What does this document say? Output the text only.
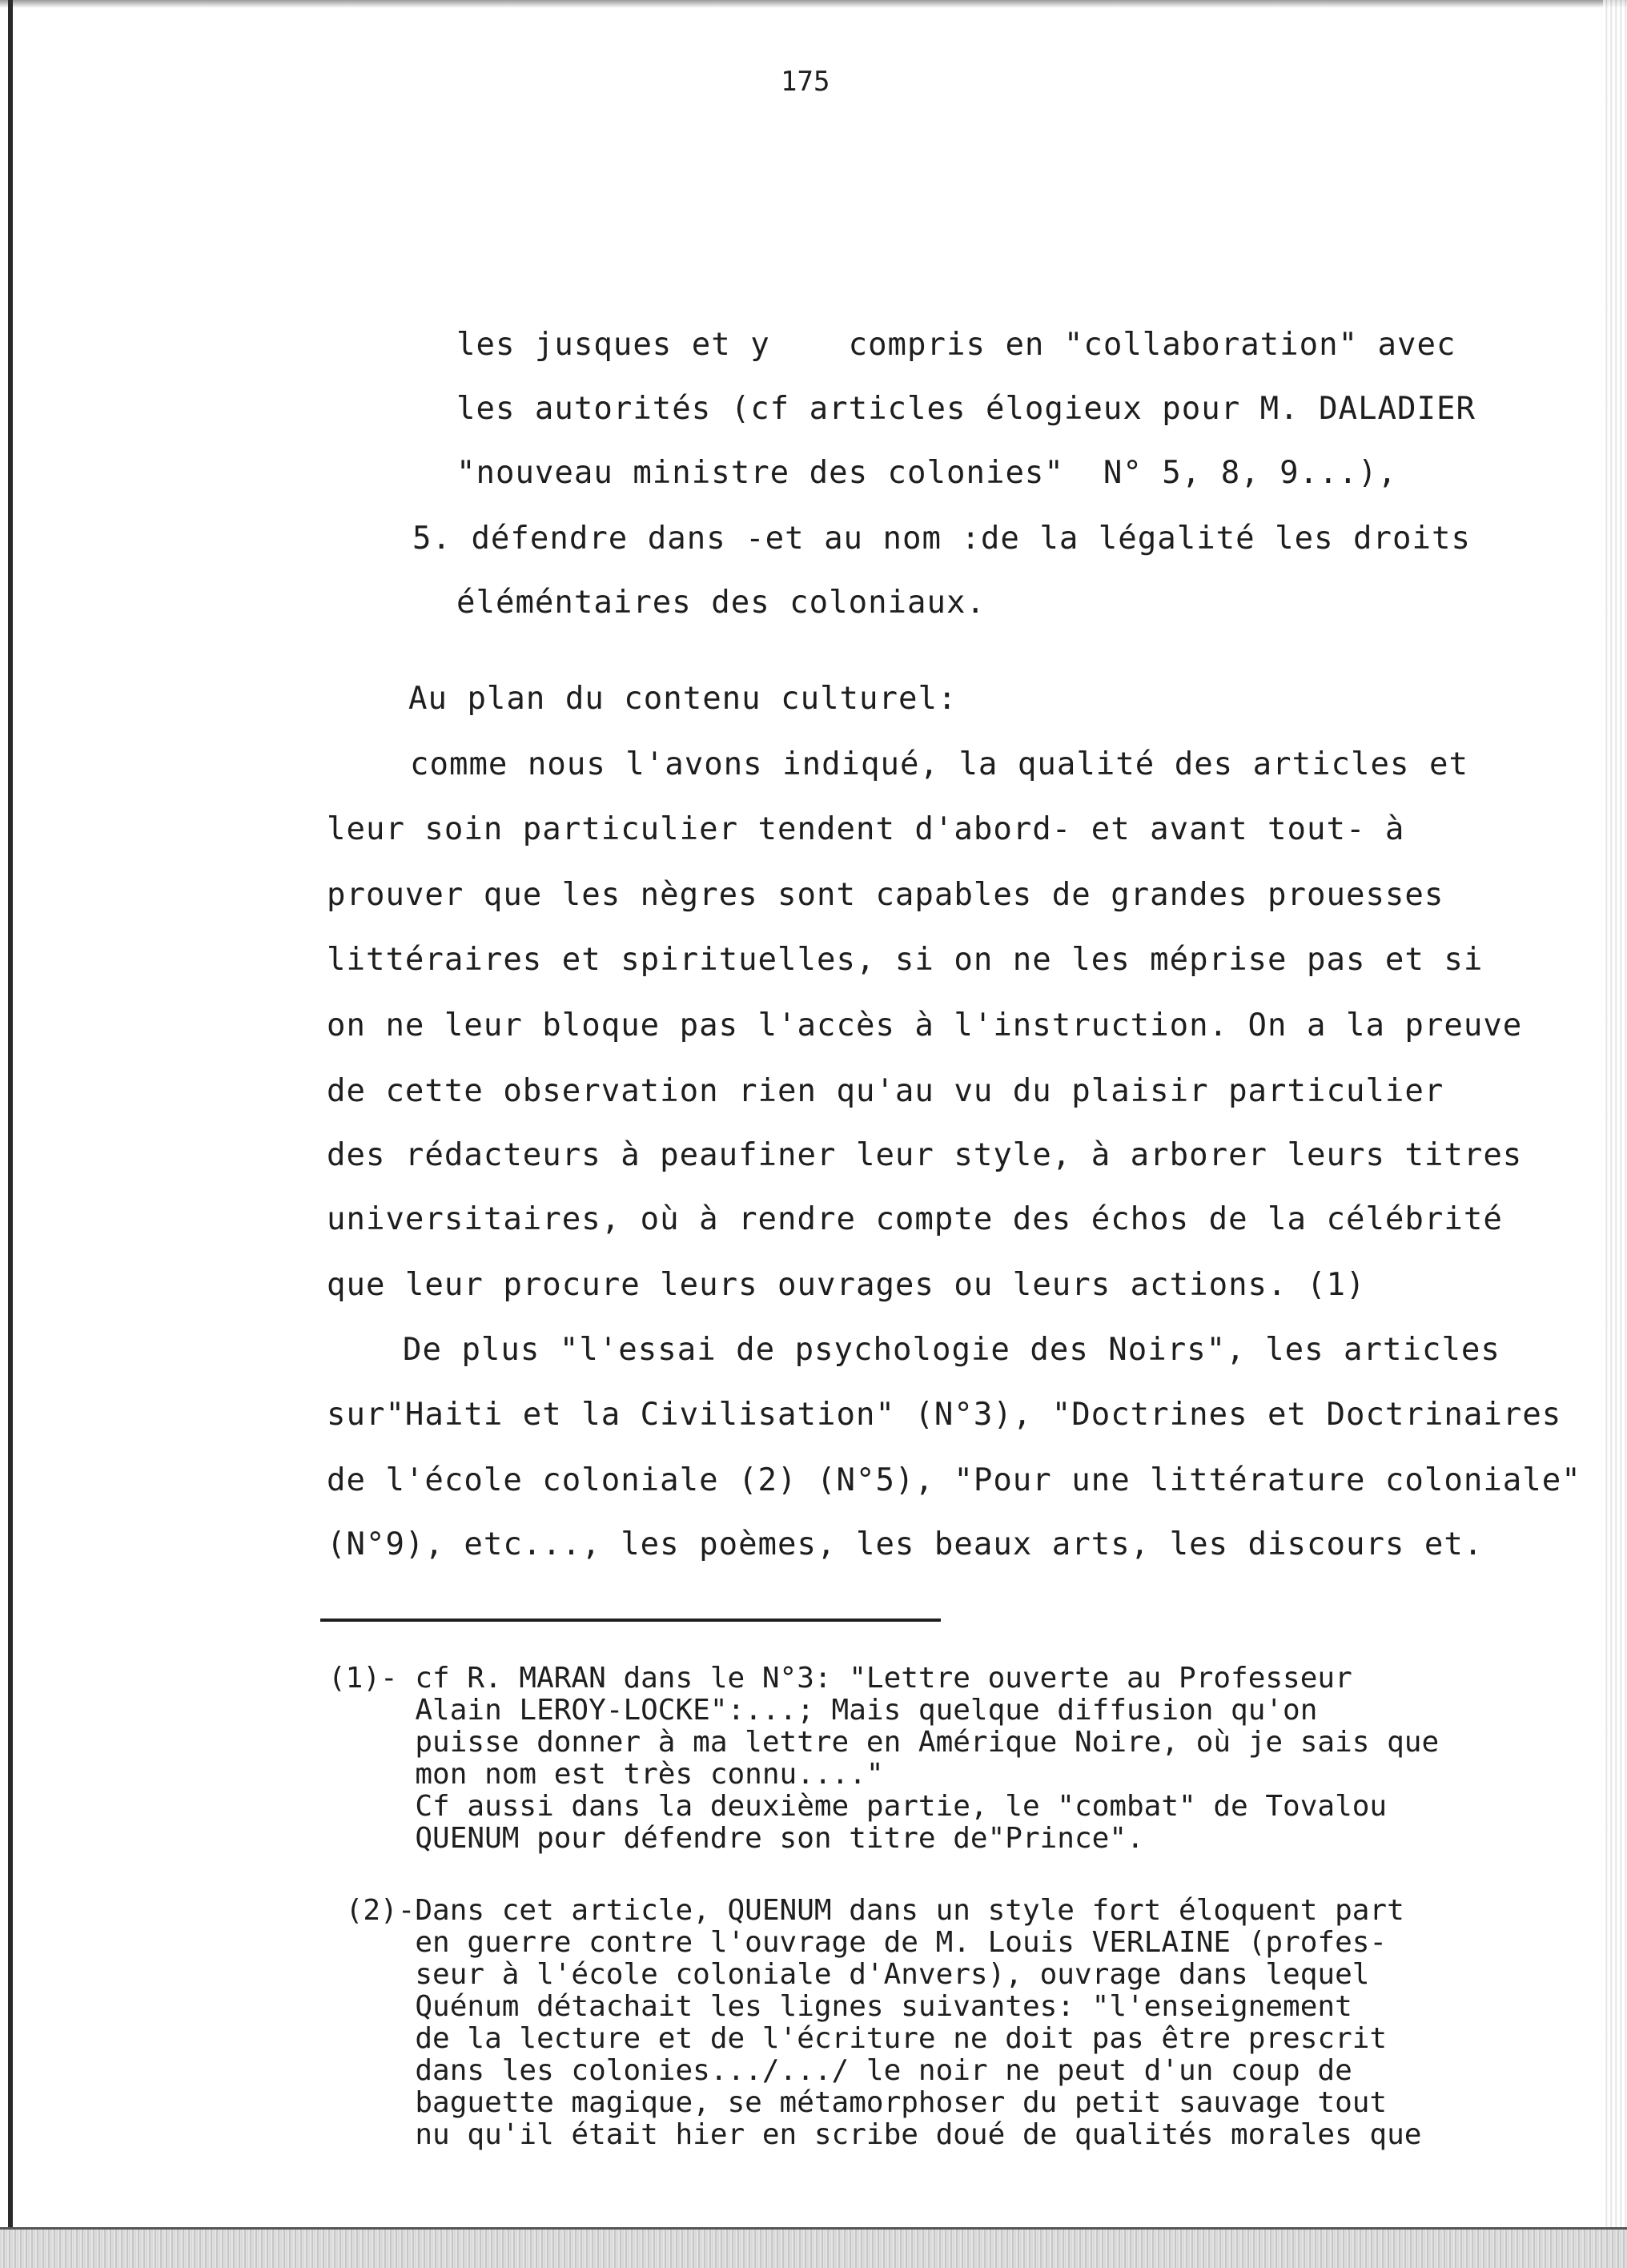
175
les jusques et y    compris en "collaboration" avec
les autorités (cf articles élogieux pour M. DALADIER
"nouveau ministre des colonies"  N° 5, 8, 9...),
5. défendre dans -et au nom :de la légalité les droits
éléméntaires des coloniaux.
Au plan du contenu culturel:
comme nous l'avons indiqué, la qualité des articles et
leur soin particulier tendent d'abord- et avant tout- à
prouver que les nègres sont capables de grandes prouesses
littéraires et spirituelles, si on ne les méprise pas et si
on ne leur bloque pas l'accès à l'instruction. On a la preuve
de cette observation rien qu'au vu du plaisir particulier
des rédacteurs à peaufiner leur style, à arborer leurs titres
universitaires, où à rendre compte des échos de la célébrité
que leur procure leurs ouvrages ou leurs actions. (1)
De plus "l'essai de psychologie des Noirs", les articles
sur"Haiti et la Civilisation" (N°3), "Doctrines et Doctrinaires
de l'école coloniale (2) (N°5), "Pour une littérature coloniale"
(N°9), etc..., les poèmes, les beaux arts, les discours et.
(1)- cf R. MARAN dans le N°3: "Lettre ouverte au Professeur
Alain LEROY-LOCKE":...; Mais quelque diffusion qu'on
puisse donner à ma lettre en Amérique Noire, où je sais que
mon nom est très connu...."
Cf aussi dans la deuxième partie, le "combat" de Tovalou
QUENUM pour défendre son titre de"Prince".
(2)-Dans cet article, QUENUM dans un style fort éloquent part
en guerre contre l'ouvrage de M. Louis VERLAINE (profes-
seur à l'école coloniale d'Anvers), ouvrage dans lequel
Quénum détachait les lignes suivantes: "l'enseignement
de la lecture et de l'écriture ne doit pas être prescrit
dans les colonies.../.../ le noir ne peut d'un coup de
baguette magique, se métamorphoser du petit sauvage tout
nu qu'il était hier en scribe doué de qualités morales que
